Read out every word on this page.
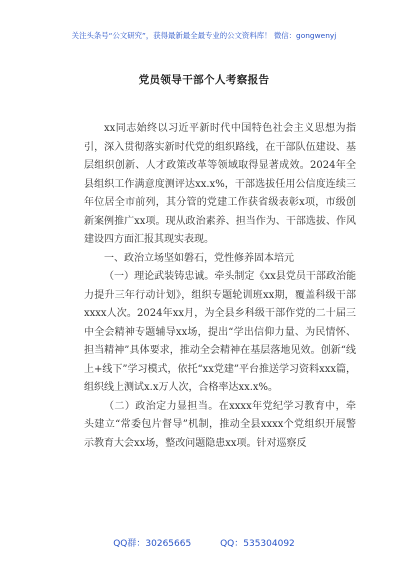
关注头条号“公文研究”，获得最新最全最专业的公文资料库！ 微信：gongwenyj
党员领导干部个人考察报告

xx同志始终以习近平新时代中国特色社会主义思想为指引，深入贯彻落实新时代党的组织路线，在干部队伍建设、基层组织创新、人才政策改革等领域取得显著成效。2024年全县组织工作满意度测评达xx.x%，干部选拔任用公信度连续三年位居全市前列，其分管的党建工作获省级表彰x项，市级创新案例推广xx项。现从政治素养、担当作为、干部选拔、作风建设四方面汇报其现实表现。

一、政治立场坚如磐石，党性修养固本培元

（一）理论武装铸忠诚。牵头制定《xx县党员干部政治能力提升三年行动计划》，组织专题轮训班xx期，覆盖科级干部xxxx人次。2024年xx月，为全县乡科级干部作党的二十届三中全会精神专题辅导xx场，提出“学出信仰力量、为民情怀、担当精神”具体要求，推动全会精神在基层落地见效。创新“线上+线下”学习模式，依托“xx党建”平台推送学习资料xxx篇，组织线上测试x.x万人次，合格率达xx.x%。

（二）政治定力显担当。在xxxx年党纪学习教育中，牵头建立“常委包片督导”机制，推动全县xxxx个党组织开展警示教育大会xx场，整改问题隐患xx项。针对巡察反

QQ群：30265665	QQ：535304092
